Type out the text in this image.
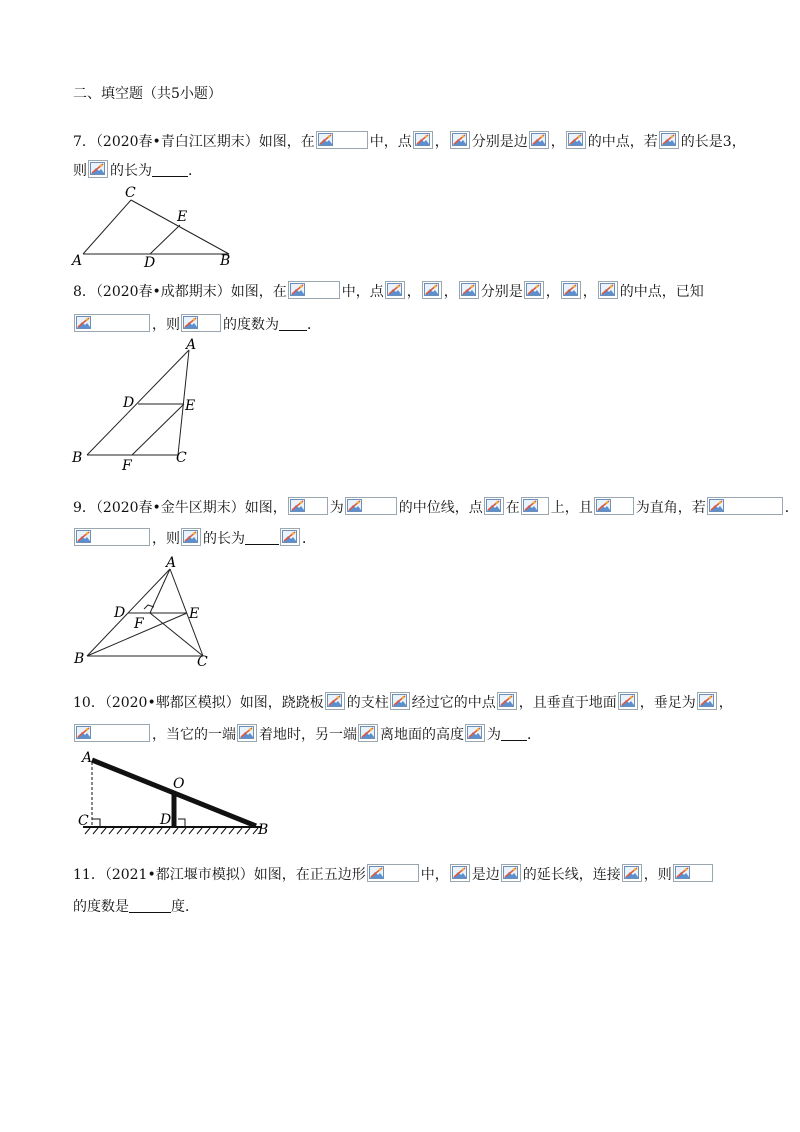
二、填空题（共5小题）
7．（2020春•青白江区期末）如图，在	中，点 ， 分别是边 ， 的中点，若 的长是3，
则 的长为	．
C
E
A	D	B
8．（2020春•成都期末）如图，在	中，点 ， ， 分别是 ， ， 的中点，已知
，则	的度数为 ．
A
D	E
B	F	C
9．（2020春•金牛区期末）如图，	为	的中位线，点 在 上，且	为直角，若	．
，则 的长为	．
A
D	E
F
B	C
10．（2020•郫都区模拟）如图，跷跷板 的支柱 经过它的中点 ，且垂直于地面 ，垂足为 ，
，当它的一端 着地时，另一端 离地面的高度 为 ．
A
O
C	D
B
11．（2021•都江堰市模拟）如图，在正五边形	中， 是边 的延长线，连接 ，则
的度数是	度．
